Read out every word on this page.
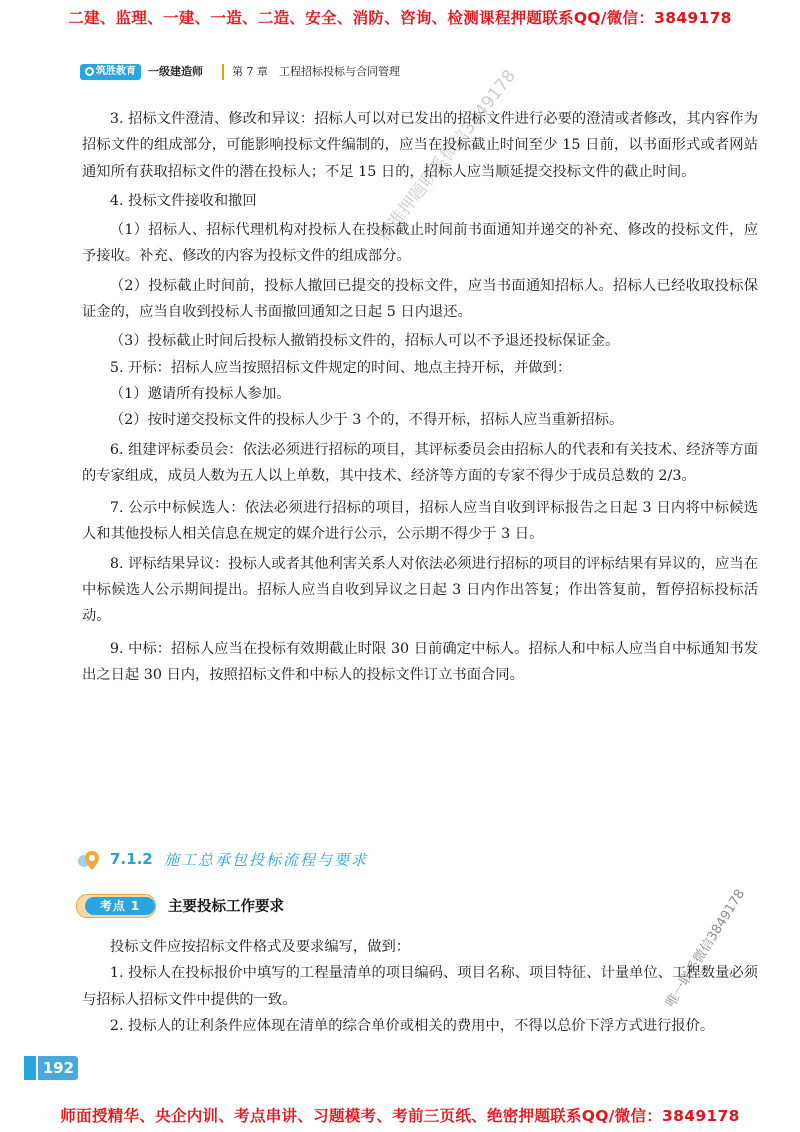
二建、监理、一建、一造、二造、安全、消防、咨询、检测课程押题联系QQ/微信：3849178
筑胜教育	一级建造师	第 7 章　工程招标投标与合同管理

3. 招标文件澄清、修改和异议：招标人可以对已发出的招标文件进行必要的澄清或者修改，其内容作为招标文件的组成部分，可能影响投标文件编制的，应当在投标截止时间至少 15 日前，以书面形式或者网站通知所有获取招标文件的潜在投标人；不足 15 日的，招标人应当顺延提交投标文件的截止时间。

4. 投标文件接收和撤回

（1）招标人、招标代理机构对投标人在投标截止时间前书面通知并递交的补充、修改的投标文件，应予接收。补充、修改的内容为投标文件的组成部分。

（2）投标截止时间前，投标人撤回已提交的投标文件，应当书面通知招标人。招标人已经收取投标保证金的，应当自收到投标人书面撤回通知之日起 5 日内退还。

（3）投标截止时间后投标人撤销投标文件的，招标人可以不予退还投标保证金。

5. 开标：招标人应当按照招标文件规定的时间、地点主持开标，并做到：

（1）邀请所有投标人参加。

（2）按时递交投标文件的投标人少于 3 个的，不得开标，招标人应当重新招标。

6. 组建评标委员会：依法必须进行招标的项目，其评标委员会由招标人的代表和有关技术、经济等方面的专家组成，成员人数为五人以上单数，其中技术、经济等方面的专家不得少于成员总数的 2/3。

7. 公示中标候选人：依法必须进行招标的项目，招标人应当自收到评标报告之日起 3 日内将中标候选人和其他投标人相关信息在规定的媒介进行公示，公示期不得少于 3 日。

8. 评标结果异议：投标人或者其他利害关系人对依法必须进行招标的项目的评标结果有异议的，应当在中标候选人公示期间提出。招标人应当自收到异议之日起 3 日内作出答复；作出答复前，暂停招标投标活动。

9. 中标：招标人应当在投标有效期截止时限 30 日前确定中标人。招标人和中标人应当自中标通知书发出之日起 30 日内，按照招标文件和中标人的投标文件订立书面合同。

7.1.2 施工总承包投标流程与要求
考点 1	主要投标工作要求

投标文件应按招标文件格式及要求编写，做到：

1. 投标人在投标报价中填写的工程量清单的项目编码、项目名称、项目特征、计量单位、工程数量必须与招标人招标文件中提供的一致。

2. 投标人的让利条件应体现在清单的综合单价或相关的费用中，不得以总价下浮方式进行报价。

192
精准押题联系微信3849178
唯一联系微信3849178
师面授精华、央企内训、考点串讲、习题模考、考前三页纸、绝密押题联系QQ/微信：3849178
